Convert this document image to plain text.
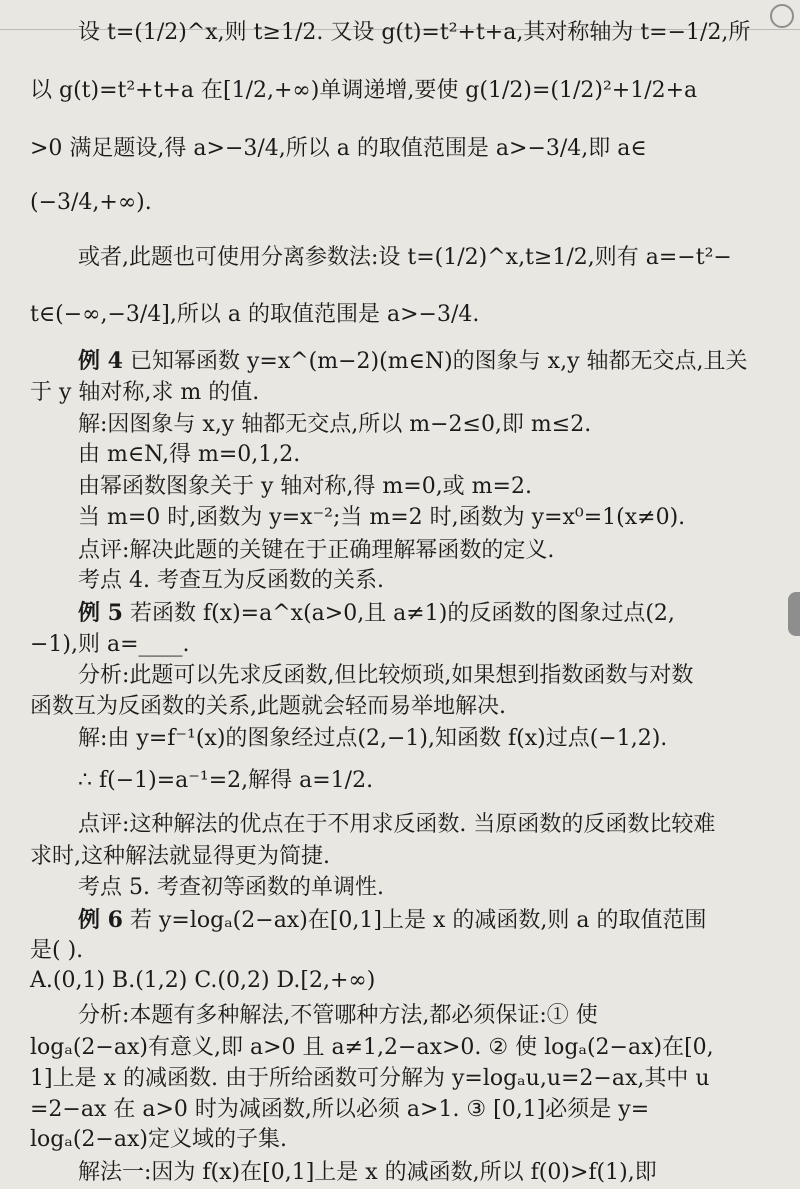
设 t=(1/2)^x,则 t≥1/2. 又设 g(t)=t²+t+a,其对称轴为 t=−1/2,所
以 g(t)=t²+t+a 在[1/2,+∞)单调递增,要使 g(1/2)=(1/2)²+1/2+a
>0 满足题设,得 a>−3/4,所以 a 的取值范围是 a>−3/4,即 a∈
(−3/4,+∞).
或者,此题也可使用分离参数法:设 t=(1/2)^x,t≥1/2,则有 a=−t²−
t∈(−∞,−3/4],所以 a 的取值范围是 a>−3/4.
例 4 已知幂函数 y=x^(m−2)(m∈N)的图象与 x,y 轴都无交点,且关
于 y 轴对称,求 m 的值.
解:因图象与 x,y 轴都无交点,所以 m−2≤0,即 m≤2.
由 m∈N,得 m=0,1,2.
由幂函数图象关于 y 轴对称,得 m=0,或 m=2.
当 m=0 时,函数为 y=x⁻²;当 m=2 时,函数为 y=x⁰=1(x≠0).
点评:解决此题的关键在于正确理解幂函数的定义.
考点 4. 考查互为反函数的关系.
例 5 若函数 f(x)=a^x(a>0,且 a≠1)的反函数的图象过点(2,
−1),则 a=____.
分析:此题可以先求反函数,但比较烦琐,如果想到指数函数与对数
函数互为反函数的关系,此题就会轻而易举地解决.
解:由 y=f⁻¹(x)的图象经过点(2,−1),知函数 f(x)过点(−1,2).
∴ f(−1)=a⁻¹=2,解得 a=1/2.
点评:这种解法的优点在于不用求反函数. 当原函数的反函数比较难
求时,这种解法就显得更为简捷.
考点 5. 考查初等函数的单调性.
例 6 若 y=logₐ(2−ax)在[0,1]上是 x 的减函数,则 a 的取值范围
是( ).
A.(0,1) B.(1,2) C.(0,2) D.[2,+∞)
分析:本题有多种解法,不管哪种方法,都必须保证:① 使
logₐ(2−ax)有意义,即 a>0 且 a≠1,2−ax>0. ② 使 logₐ(2−ax)在[0,
1]上是 x 的减函数. 由于所给函数可分解为 y=logₐu,u=2−ax,其中 u
=2−ax 在 a>0 时为减函数,所以必须 a>1. ③ [0,1]必须是 y=
logₐ(2−ax)定义域的子集.
解法一:因为 f(x)在[0,1]上是 x 的减函数,所以 f(0)>f(1),即
